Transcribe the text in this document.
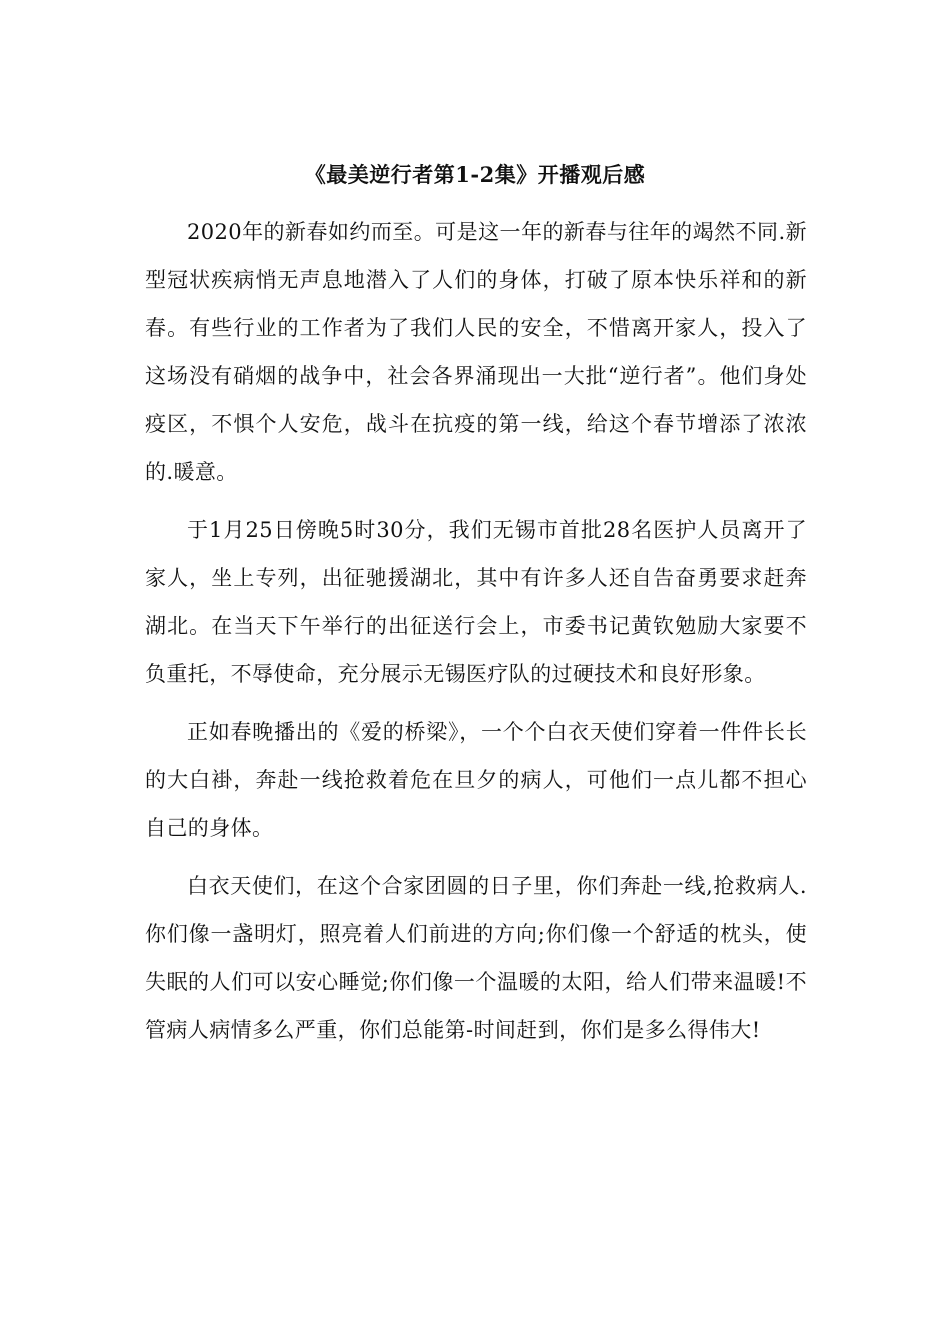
《最美逆行者第1-2集》开播观后感

2020年的新春如约而至。可是这一年的新春与往年的竭然不同.新型冠状疾病悄无声息地潜入了人们的身体，打破了原本快乐祥和的新春。有些行业的工作者为了我们人民的安全，不惜离开家人，投入了这场没有硝烟的战争中，社会各界涌现出一大批“逆行者”。他们身处疫区，不惧个人安危，战斗在抗疫的第一线，给这个春节增添了浓浓的.暖意。

于1月25日傍晚5时30分，我们无锡市首批28名医护人员离开了家人，坐上专列，出征驰援湖北，其中有许多人还自告奋勇要求赶奔湖北。在当天下午举行的出征送行会上，市委书记黄钦勉励大家要不负重托，不辱使命，充分展示无锡医疗队的过硬技术和良好形象。

正如春晚播出的《爱的桥梁》，一个个白衣天使们穿着一件件长长的大白褂，奔赴一线抢救着危在旦夕的病人，可他们一点儿都不担心自己的身体。

白衣天使们，在这个合家团圆的日子里，你们奔赴一线,抢救病人.你们像一盏明灯，照亮着人们前进的方向;你们像一个舒适的枕头，使失眠的人们可以安心睡觉;你们像一个温暖的太阳，给人们带来温暖!不管病人病情多么严重，你们总能第-时间赶到，你们是多么得伟大!
